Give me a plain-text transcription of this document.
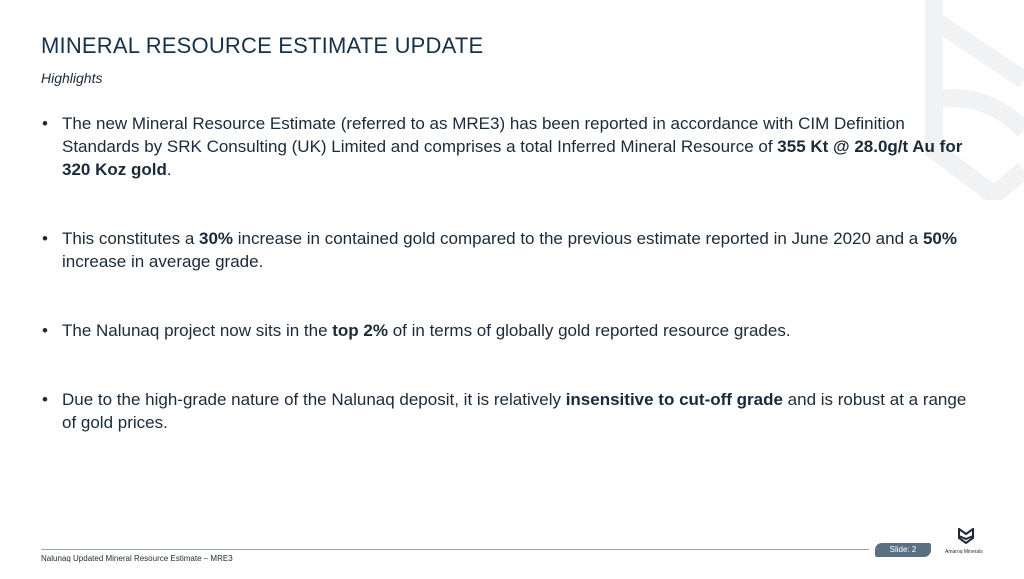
MINERAL RESOURCE ESTIMATE UPDATE
Highlights
• The new Mineral Resource Estimate (referred to as MRE3) has been reported in accordance with CIM Definition Standards by SRK Consulting (UK) Limited and comprises a total Inferred Mineral Resource of 355 Kt @ 28.0g/t Au for 320 Koz gold.
• This constitutes a 30% increase in contained gold compared to the previous estimate reported in June 2020 and a 50% increase in average grade.
• The Nalunaq project now sits in the top 2% of in terms of globally gold reported resource grades.
• Due to the high-grade nature of the Nalunaq deposit, it is relatively insensitive to cut-off grade and is robust at a range of gold prices.
Nalunaq Updated Mineral Resource Estimate – MRE3
Slide: 2	Amaroq Minerals
